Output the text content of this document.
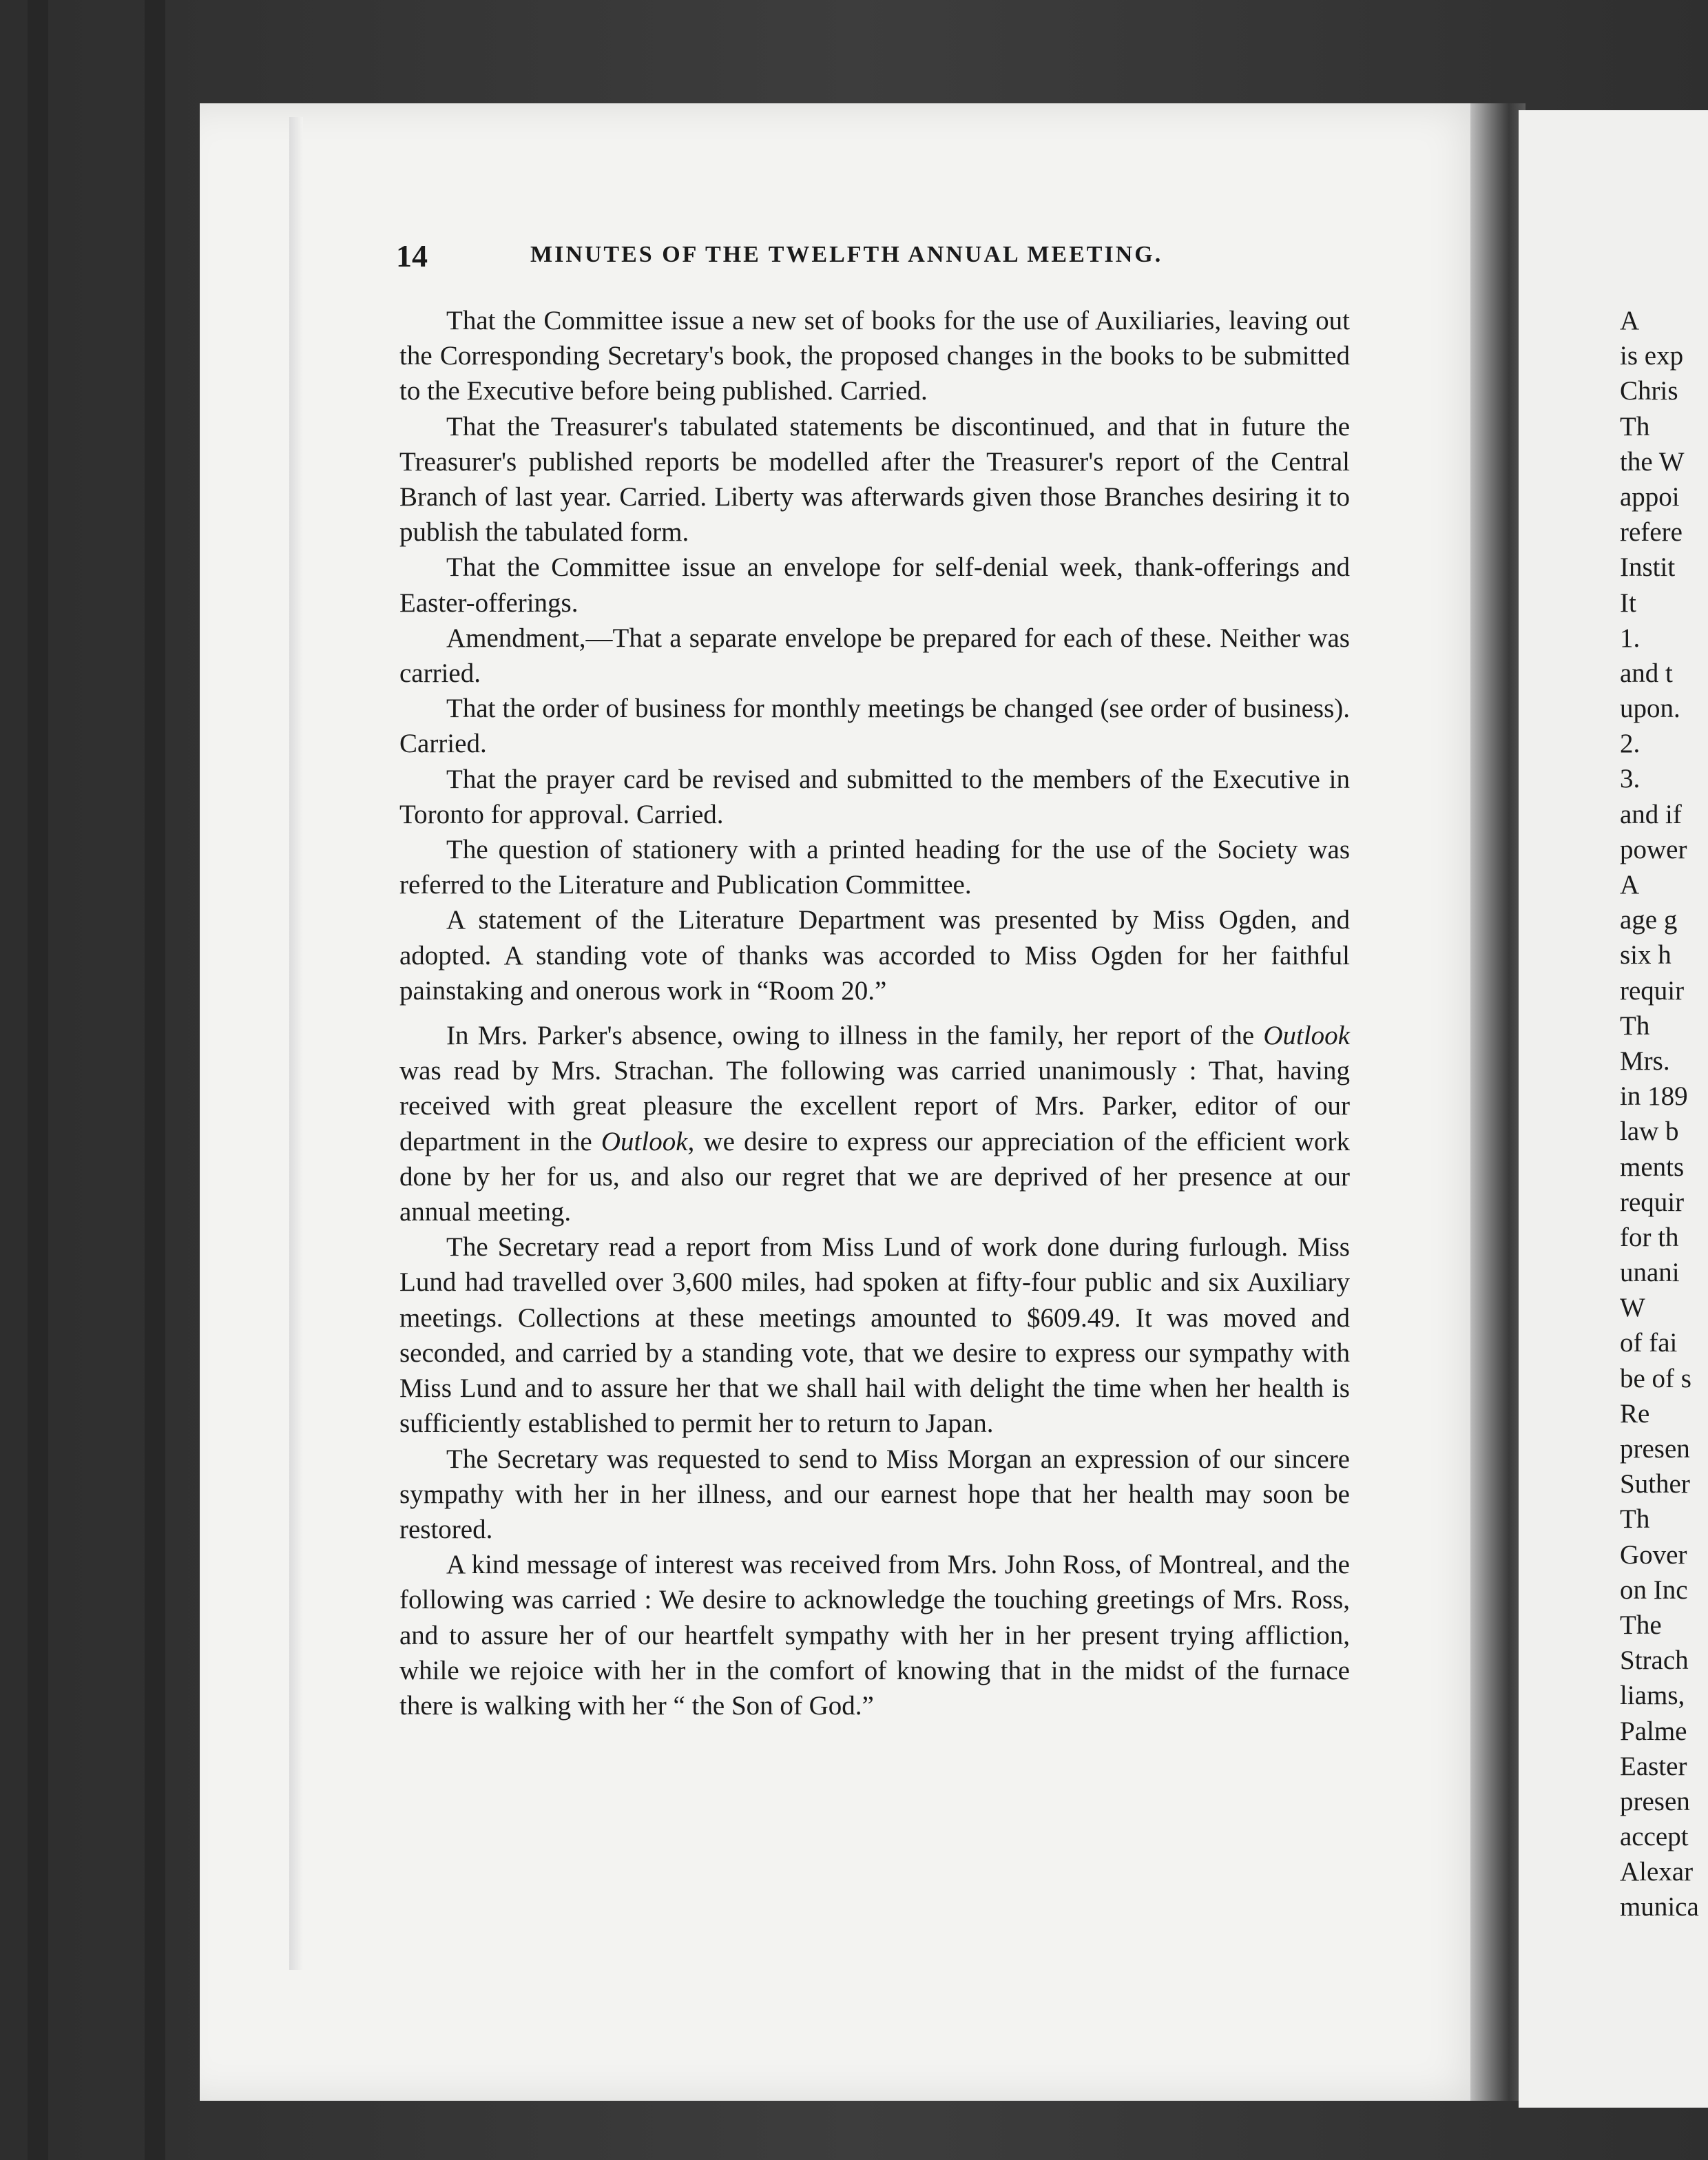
14	MINUTES OF THE TWELFTH ANNUAL MEETING.

That the Committee issue a new set of books for the use of Auxiliaries, leaving out the Corresponding Secretary's book, the proposed changes in the books to be submitted to the Executive before being published. Carried.

That the Treasurer's tabulated statements be discontinued, and that in future the Treasurer's published reports be modelled after the Treasurer's report of the Central Branch of last year. Carried. Liberty was afterwards given those Branches desiring it to publish the tabulated form.

That the Committee issue an envelope for self-denial week, thank-offerings and Easter-offerings.

Amendment,—That a separate envelope be prepared for each of these. Neither was carried.

That the order of business for monthly meetings be changed (see order of business). Carried.

That the prayer card be revised and submitted to the members of the Executive in Toronto for approval. Carried.

The question of stationery with a printed heading for the use of the Society was referred to the Literature and Publication Committee.

A statement of the Literature Department was presented by Miss Ogden, and adopted. A standing vote of thanks was accorded to Miss Ogden for her faithful painstaking and onerous work in “Room 20.”

In Mrs. Parker's absence, owing to illness in the family, her report of the Outlook was read by Mrs. Strachan. The following was carried unanimously : That, having received with great pleasure the excellent report of Mrs. Parker, editor of our department in the Outlook, we desire to express our appreciation of the efficient work done by her for us, and also our regret that we are deprived of her presence at our annual meeting.

The Secretary read a report from Miss Lund of work done during furlough. Miss Lund had travelled over 3,600 miles, had spoken at fifty-four public and six Auxiliary meetings. Collections at these meetings amounted to $609.49. It was moved and seconded, and carried by a standing vote, that we desire to express our sympathy with Miss Lund and to assure her that we shall hail with delight the time when her health is sufficiently established to permit her to return to Japan.

The Secretary was requested to send to Miss Morgan an expression of our sincere sympathy with her in her illness, and our earnest hope that her health may soon be restored.

A kind message of interest was received from Mrs. John Ross, of Montreal, and the following was carried : We desire to acknowledge the touching greetings of Mrs. Ross, and to assure her of our heartfelt sympathy with her in her present trying affliction, while we rejoice with her in the comfort of knowing that in the midst of the furnace there is walking with her “ the Son of God.”

A
is exp
Chris
Th
the W
appoi
refere
Instit
It
1.
and t
upon.
2.
3.
and if
power
A
age g
six h
requir
Th
Mrs.
in 189
law b
ments
requir
for th
unani
W
of fai
be of s
Re
presen
Suther
Th
Gover
on Inc
The
Strach
liams,
Palme
Easter
presen
accept
Alexar
munica
